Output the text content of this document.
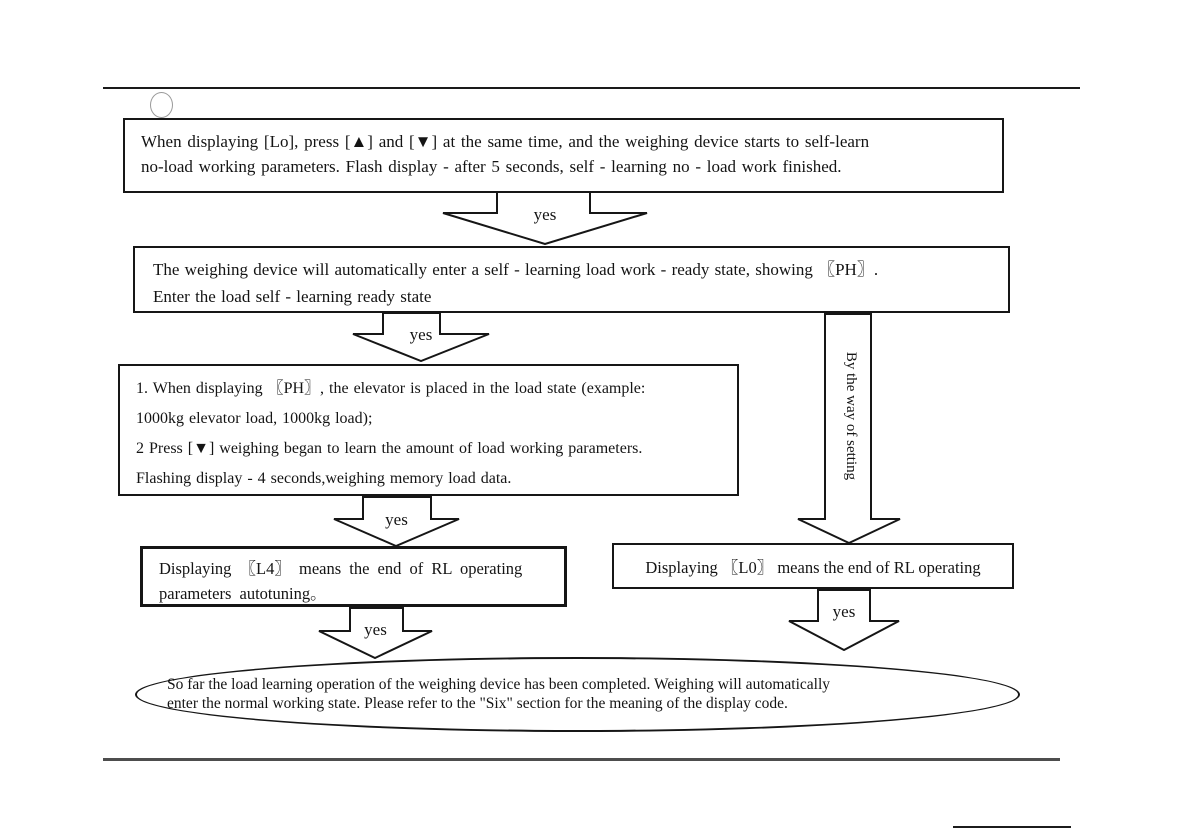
When displaying [Lo], press [▲] and [▼] at the same time, and the weighing device starts to self-learn
no-load working parameters. Flash display - after 5 seconds, self - learning no - load work finished.
yes
The weighing device will automatically enter a self - learning load work - ready state, showing 〖PH〗.
Enter the load self - learning ready state
yes
By the way of setting
1. When displaying 〖PH〗, the elevator is placed in the load state (example:
1000kg elevator load, 1000kg load);
2 Press [▼] weighing began to learn the amount of load working parameters.
Flashing display - 4 seconds,weighing memory load data.
yes
Displaying 〖L4〗 means the end of RL operating
parameters autotuning。
Displaying 〖L0〗 means the end of RL operating
yes
yes
So far the load learning operation of the weighing device has been completed. Weighing will automatically
enter the normal working state. Please refer to the "Six" section for the meaning of the display code.
